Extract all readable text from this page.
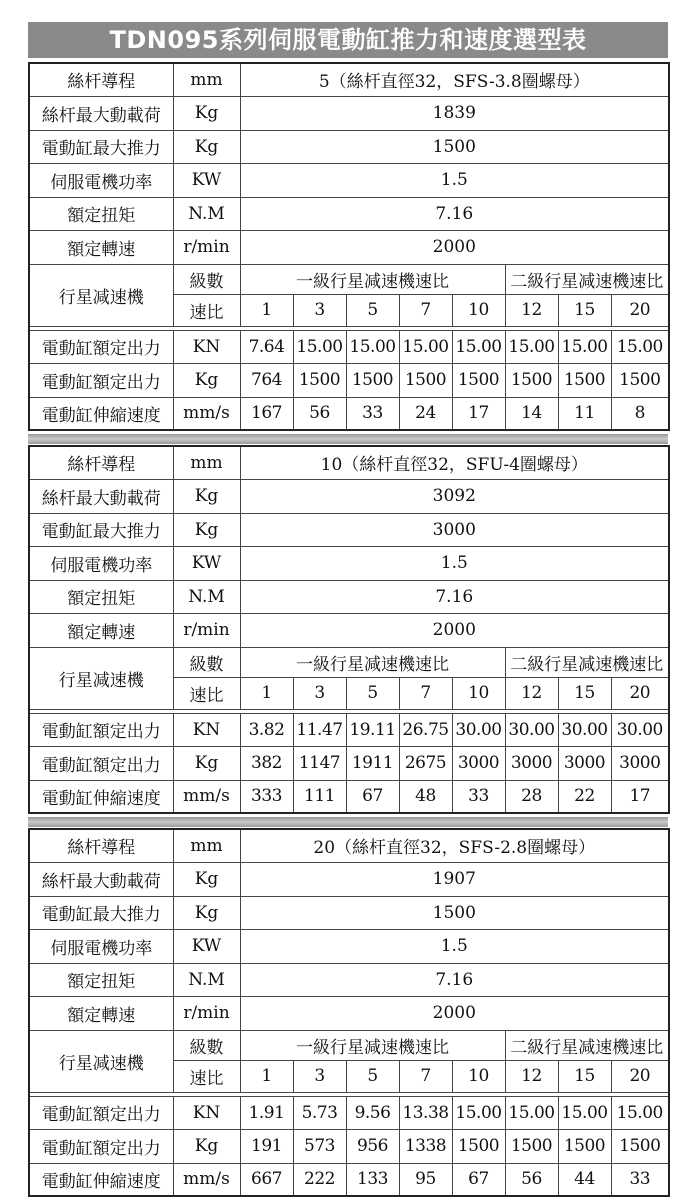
TDN095系列伺服電動缸推力和速度選型表
絲杆導程	mm	5（絲杆直徑32，SFS-3.8圈螺母）							
絲杆最大動載荷	Kg	1839							
電動缸最大推力	Kg	1500							
伺服電機功率	KW	1.5							
額定扭矩	N.M	7.16							
額定轉速	r/min	2000							
行星减速機	級數	一級行星减速機速比					二級行星减速機速比		
	速比	1	3	5	7	10	12	15	20

電動缸額定出力	KN	7.64	15.00	15.00	15.00	15.00	15.00	15.00	15.00
電動缸額定出力	Kg	764	1500	1500	1500	1500	1500	1500	1500
電動缸伸縮速度	mm/s	167	56	33	24	17	14	11	8
絲杆導程	mm	10（絲杆直徑32，SFU-4圈螺母）							
絲杆最大動載荷	Kg	3092							
電動缸最大推力	Kg	3000							
伺服電機功率	KW	1.5							
額定扭矩	N.M	7.16							
額定轉速	r/min	2000							
行星减速機	級數	一級行星减速機速比					二級行星减速機速比		
	速比	1	3	5	7	10	12	15	20

電動缸額定出力	KN	3.82	11.47	19.11	26.75	30.00	30.00	30.00	30.00
電動缸額定出力	Kg	382	1147	1911	2675	3000	3000	3000	3000
電動缸伸縮速度	mm/s	333	111	67	48	33	28	22	17
絲杆導程	mm	20（絲杆直徑32，SFS-2.8圈螺母）							
絲杆最大動載荷	Kg	1907							
電動缸最大推力	Kg	1500							
伺服電機功率	KW	1.5							
額定扭矩	N.M	7.16							
額定轉速	r/min	2000							
行星减速機	級數	一級行星减速機速比					二級行星减速機速比		
	速比	1	3	5	7	10	12	15	20

電動缸額定出力	KN	1.91	5.73	9.56	13.38	15.00	15.00	15.00	15.00
電動缸額定出力	Kg	191	573	956	1338	1500	1500	1500	1500
電動缸伸縮速度	mm/s	667	222	133	95	67	56	44	33
